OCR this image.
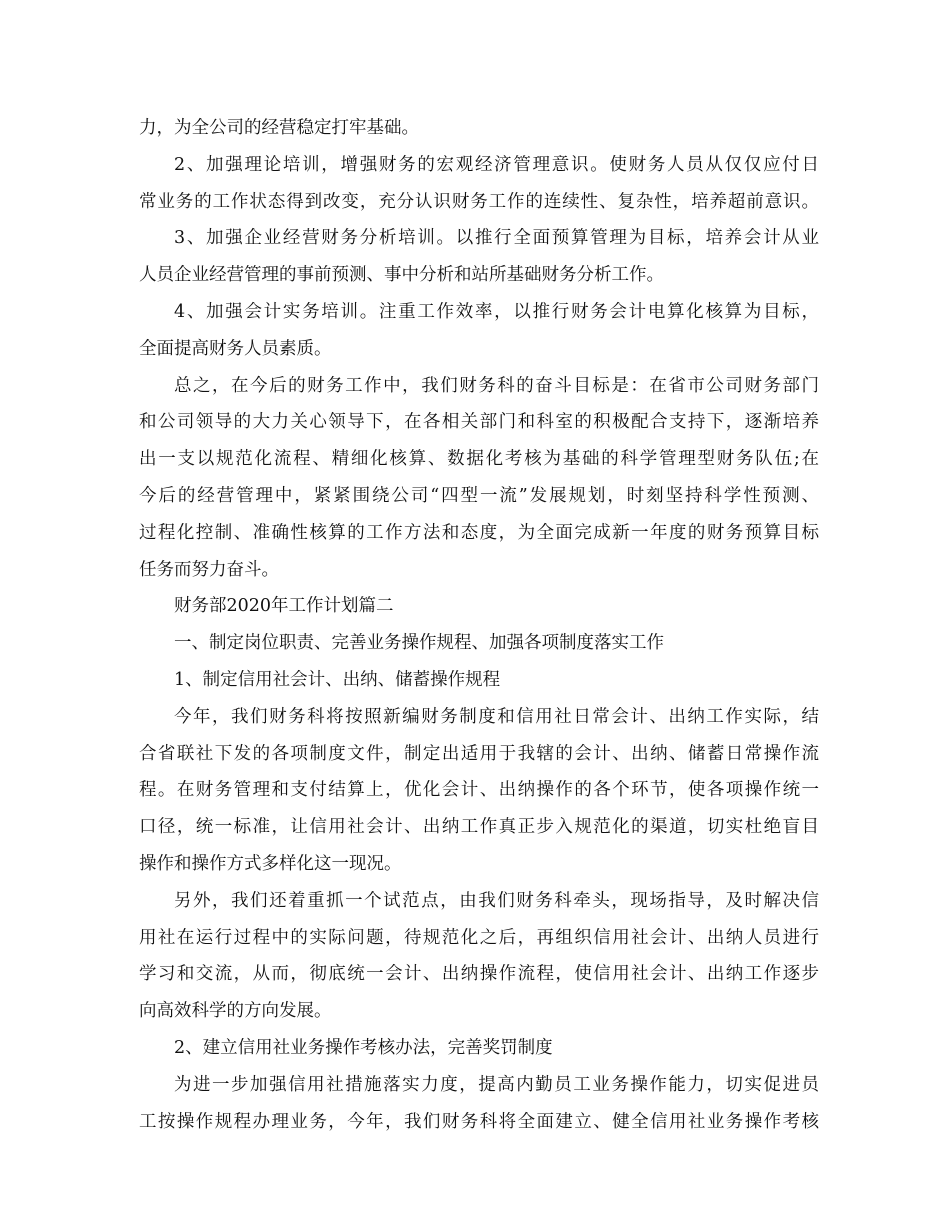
力，为全公司的经营稳定打牢基础。
2、加强理论培训，增强财务的宏观经济管理意识。使财务人员从仅仅应付日
常业务的工作状态得到改变，充分认识财务工作的连续性、复杂性，培养超前意识。
3、加强企业经营财务分析培训。以推行全面预算管理为目标，培养会计从业
人员企业经营管理的事前预测、事中分析和站所基础财务分析工作。
4、加强会计实务培训。注重工作效率，以推行财务会计电算化核算为目标，
全面提高财务人员素质。
总之，在今后的财务工作中，我们财务科的奋斗目标是：在省市公司财务部门
和公司领导的大力关心领导下，在各相关部门和科室的积极配合支持下，逐渐培养
出一支以规范化流程、精细化核算、数据化考核为基础的科学管理型财务队伍;在
今后的经营管理中，紧紧围绕公司“四型一流”发展规划，时刻坚持科学性预测、
过程化控制、准确性核算的工作方法和态度，为全面完成新一年度的财务预算目标
任务而努力奋斗。
财务部2020年工作计划篇二
一、制定岗位职责、完善业务操作规程、加强各项制度落实工作
1、制定信用社会计、出纳、储蓄操作规程
今年，我们财务科将按照新编财务制度和信用社日常会计、出纳工作实际，结
合省联社下发的各项制度文件，制定出适用于我辖的会计、出纳、储蓄日常操作流
程。在财务管理和支付结算上，优化会计、出纳操作的各个环节，使各项操作统一
口径，统一标准，让信用社会计、出纳工作真正步入规范化的渠道，切实杜绝盲目
操作和操作方式多样化这一现况。
另外，我们还着重抓一个试范点，由我们财务科牵头，现场指导，及时解决信
用社在运行过程中的实际问题，待规范化之后，再组织信用社会计、出纳人员进行
学习和交流，从而，彻底统一会计、出纳操作流程，使信用社会计、出纳工作逐步
向高效科学的方向发展。
2、建立信用社业务操作考核办法，完善奖罚制度
为进一步加强信用社措施落实力度，提高内勤员工业务操作能力，切实促进员
工按操作规程办理业务，今年，我们财务科将全面建立、健全信用社业务操作考核
